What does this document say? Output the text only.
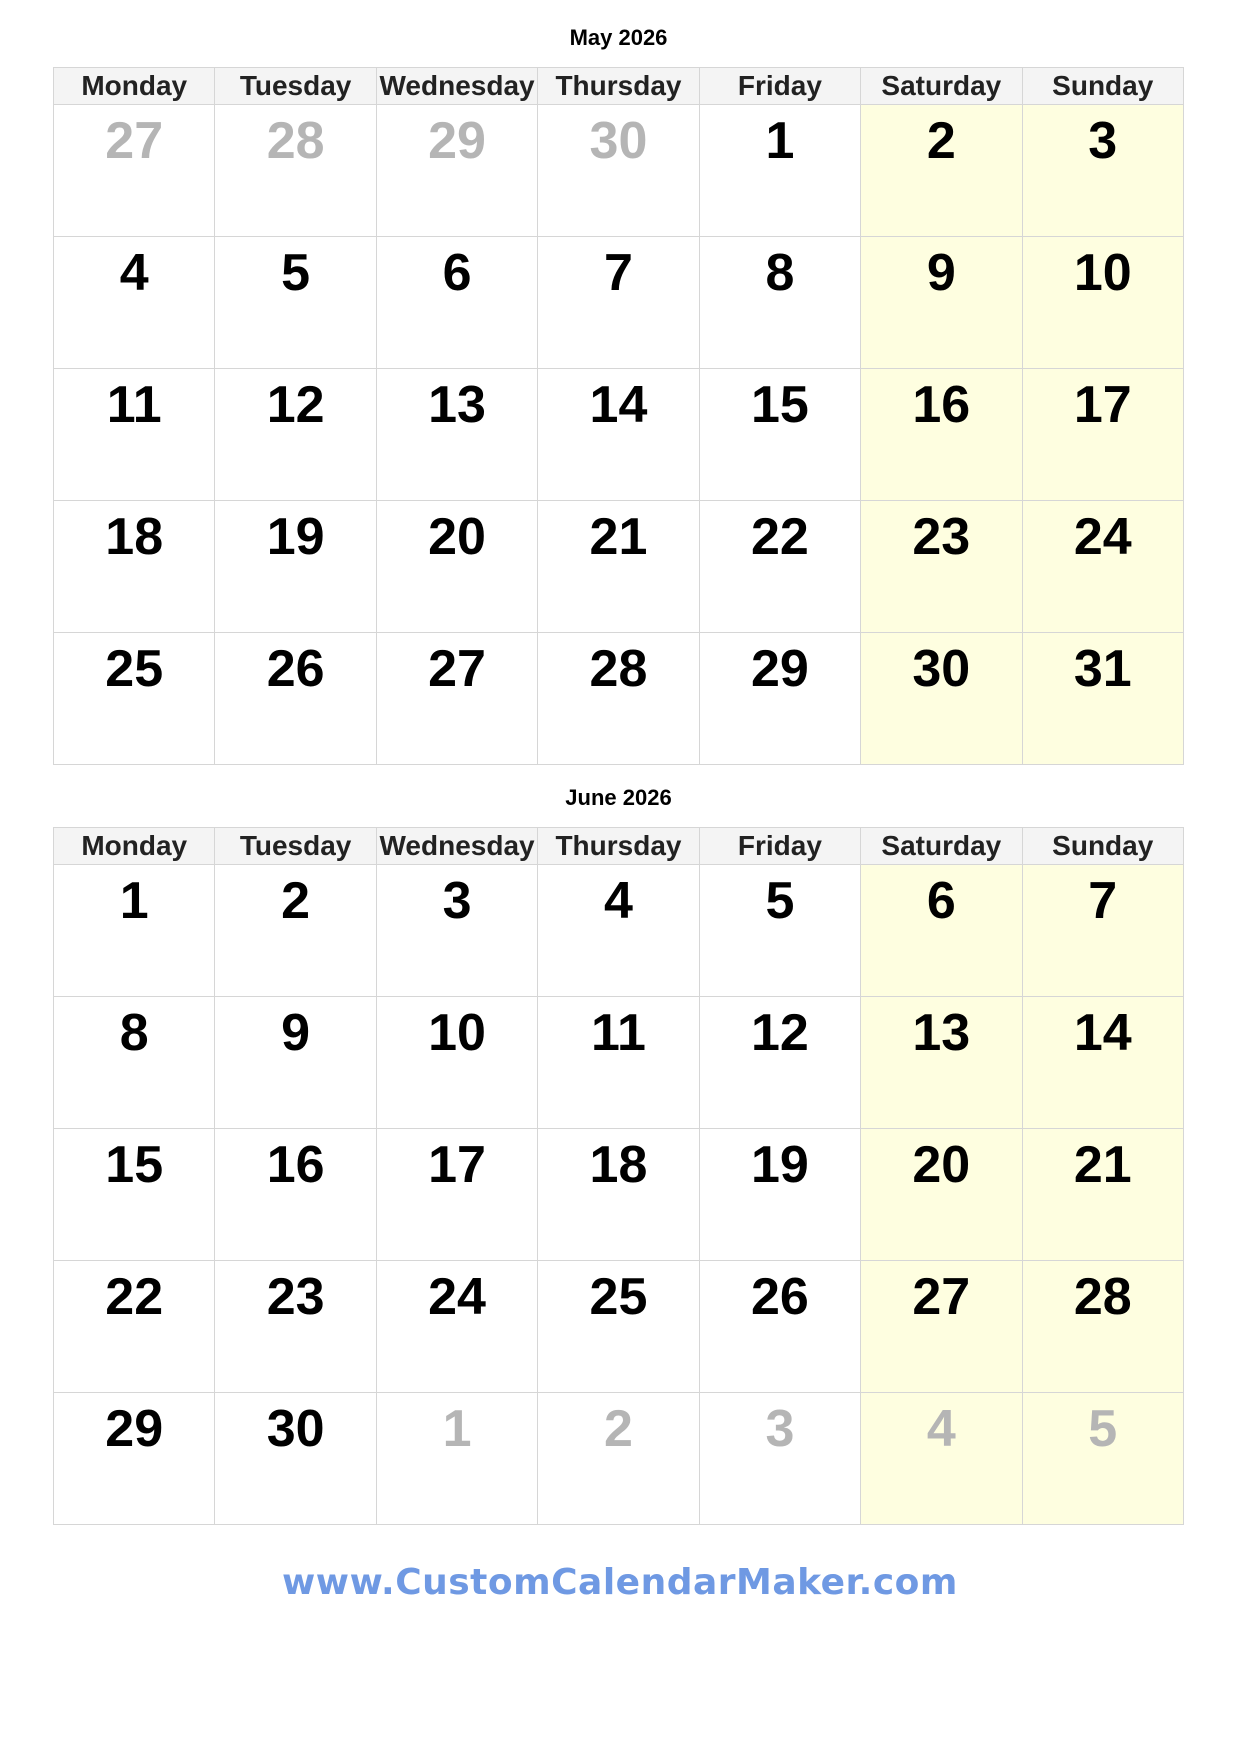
May 2026
Monday	Tuesday	Wednesday Thursday	Friday	Saturday	Sunday
27	28	29	30	1	2	3
4	5	6	7	8	9	10
11	12	13	14	15	16	17
18	19	20	21	22	23	24
25	26	27	28	29	30	31
June 2026
Monday	Tuesday	Wednesday Thursday	Friday	Saturday	Sunday
1	2	3	4	5	6	7
8	9	10	11	12	13	14
15	16	17	18	19	20	21
22	23	24	25	26	27	28
29	30	1	2	3	4	5
www.CustomCalendarMaker.com
